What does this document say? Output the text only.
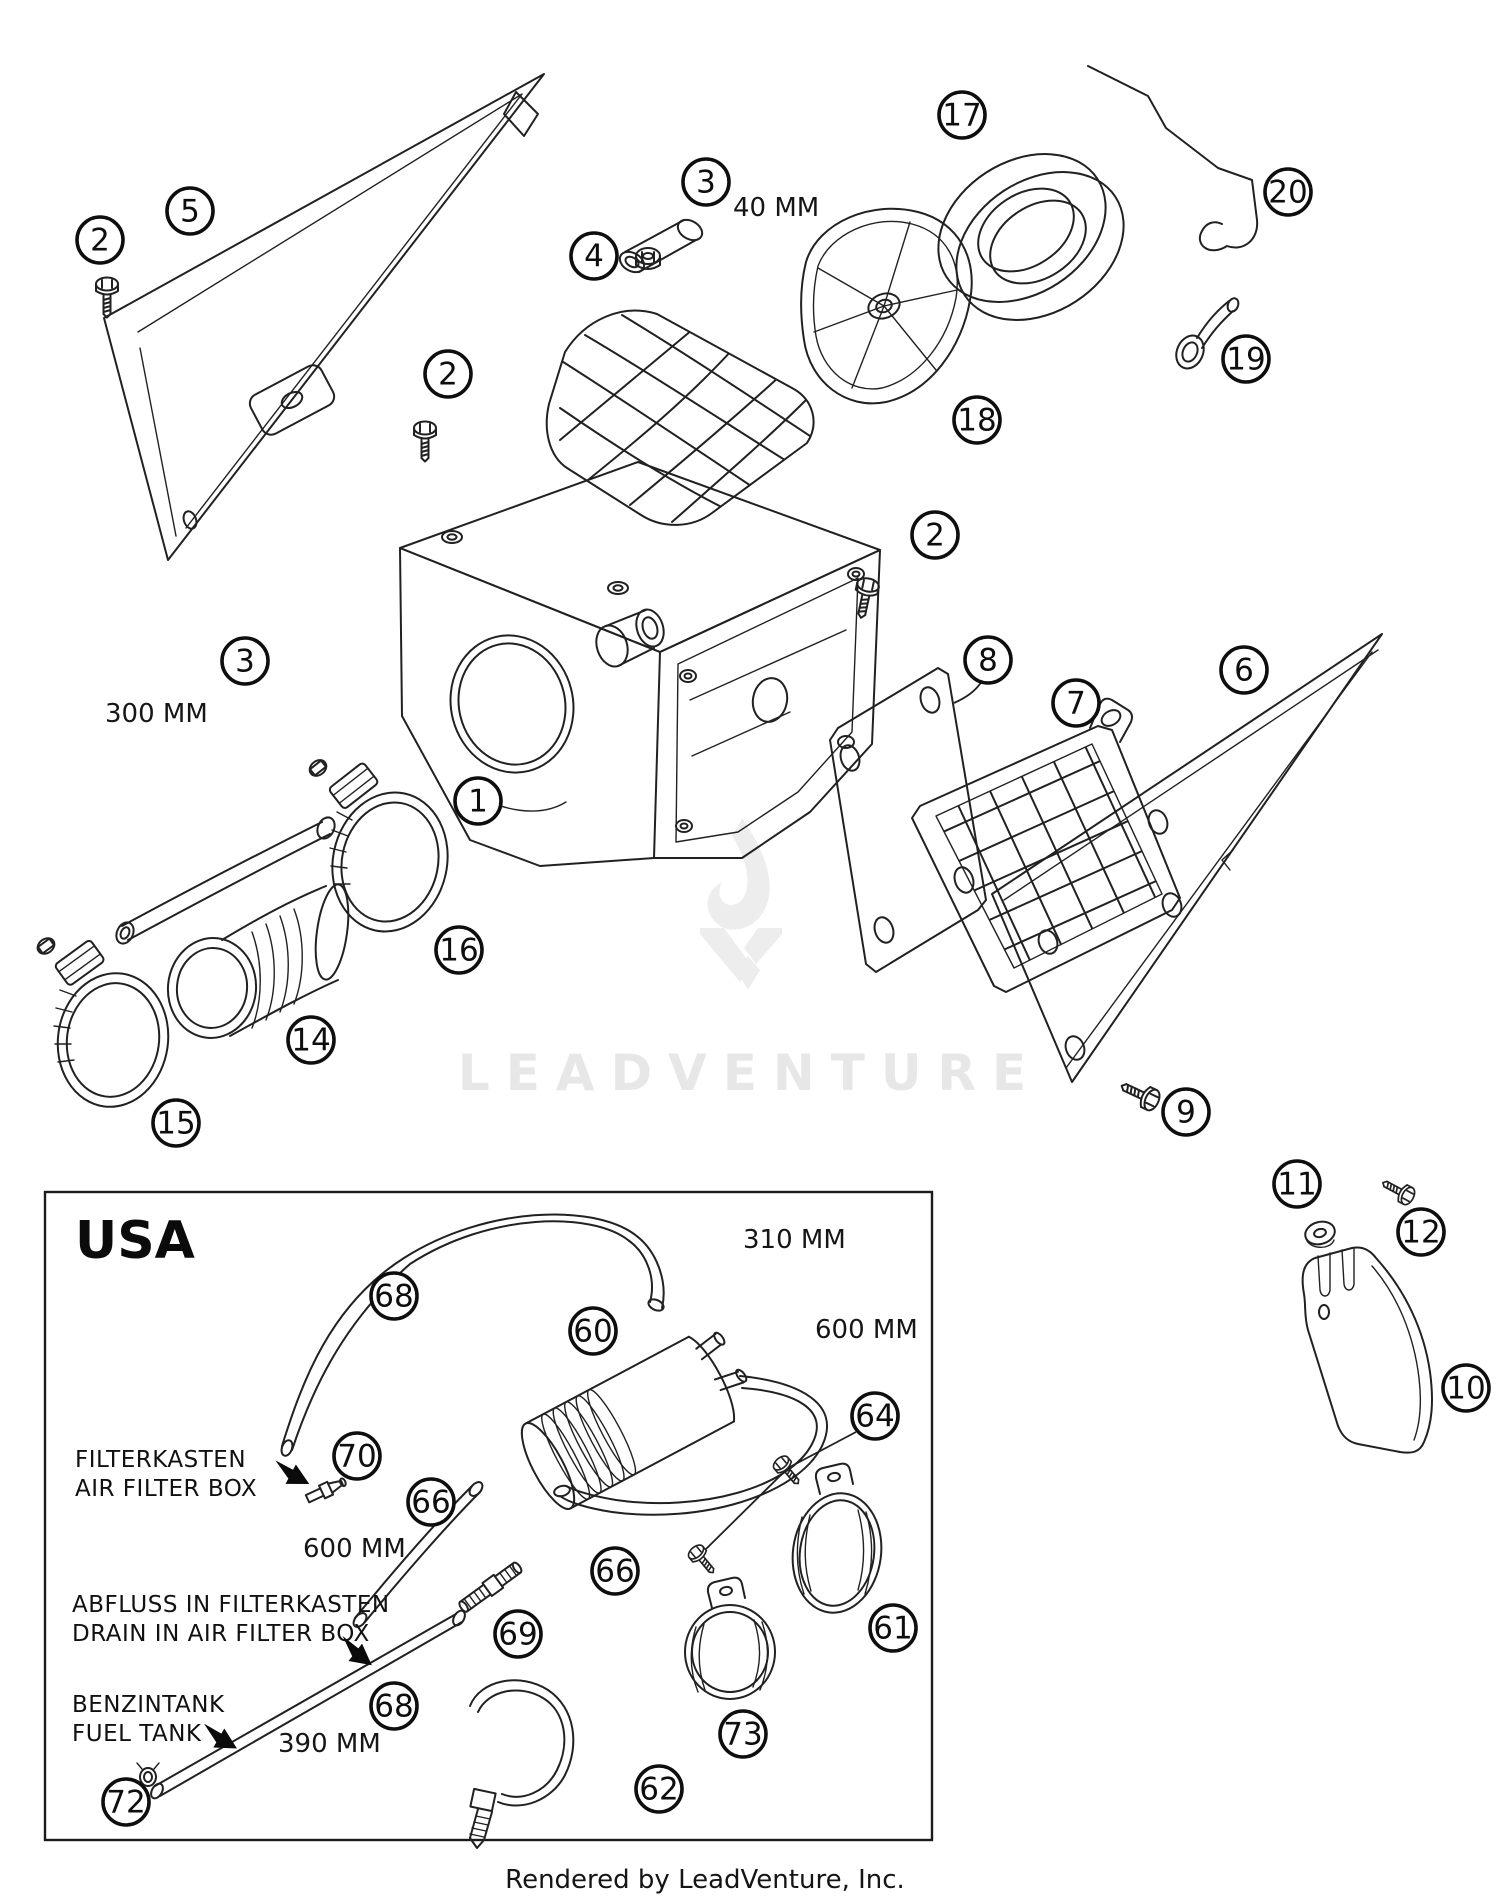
LEADVENTURE
USA
FILTERKASTEN
AIR FILTER BOX
ABFLUSS IN FILTERKASTEN
DRAIN IN AIR FILTER BOX
BENZINTANK
FUEL TANK
40 MM
300 MM
310 MM
600 MM
600 MM
390 MM
2
5
3
4
17
20
19
18
2
2
8
7
6
3
1
16
14
15	9
11
12
10
68
60
64
70
66
66
69	61
73
62
68
72
Rendered by LeadVenture, Inc.
